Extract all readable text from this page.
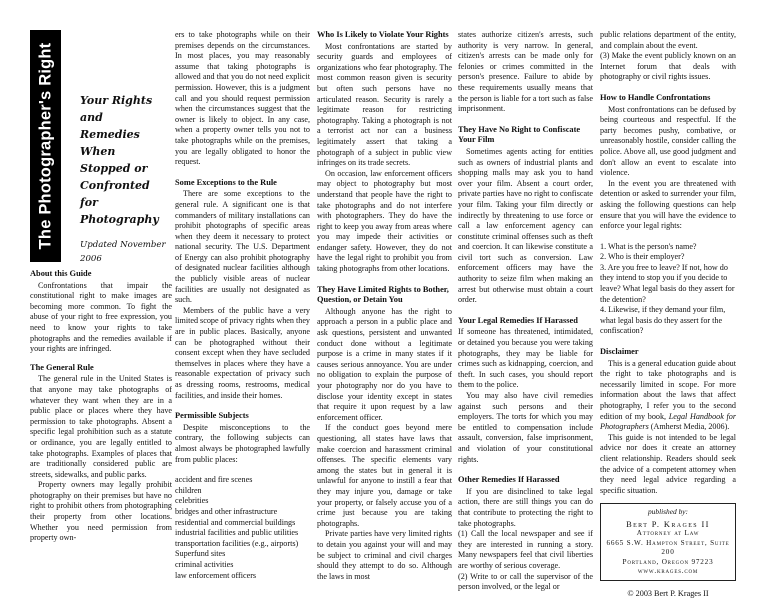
The Photographer's Right Your Rights and
Remedies When
Stopped or
Confronted
for Photography
Updated November
2006
About this Guide

Confrontations that impair the constitutional right to make images are becoming more common. To fight the abuse of your right to free expression, you need to know your rights to take photographs and the remedies available if your rights are infringed.

The General Rule

The general rule in the United States is that anyone may take photographs of whatever they want when they are in a public place or places where they have permission to take photographs. Absent a specific legal prohibition such as a statute or ordinance, you are legally entitled to take photographs. Examples of places that are traditionally considered public are streets, sidewalks, and public parks.

Property owners may legally prohibit photography on their premises but have no right to prohibit others from photographing their property from other locations. Whether you need permission from property own-

ers to take photographs while on their premises depends on the circumstances. In most places, you may reasonably assume that taking photographs is allowed and that you do not need explicit permission. However, this is a judgment call and you should request permission when the circumstances suggest that the owner is likely to object. In any case, when a property owner tells you not to take photographs while on the premises, you are legally obligated to honor the request.

Some Exceptions to the Rule

There are some exceptions to the general rule. A significant one is that commanders of military installations can prohibit photographs of specific areas when they deem it necessary to protect national security. The U.S. Department of Energy can also prohibit photography of designated nuclear facilities although the publicly visible areas of nuclear facilities are usually not designated as such.

Members of the public have a very limited scope of privacy rights when they are in public places. Basically, anyone can be photographed without their consent except when they have secluded themselves in places where they have a reasonable expectation of privacy such as dressing rooms, restrooms, medical facilities, and inside their homes.

Permissible Subjects

Despite misconceptions to the contrary, the following subjects can almost always be photographed lawfully from public places:

accident and fire scenes
children
celebrities
bridges and other infrastructure
residential and commercial buildings
industrial facilities and public utilities
transportation facilities (e.g., airports)
Superfund sites
criminal activities
law enforcement officers
Who Is Likely to Violate Your Rights

Most confrontations are started by security guards and employees of organizations who fear photography. The most common reason given is security but often such persons have no articulated reason. Security is rarely a legitimate reason for restricting photography. Taking a photograph is not a terrorist act nor can a business legitimately assert that taking a photograph of a subject in public view infringes on its trade secrets.

On occasion, law enforcement officers may object to photography but most understand that people have the right to take photographs and do not interfere with photographers. They do have the right to keep you away from areas where you may impede their activities or endanger safety. However, they do not have the legal right to prohibit you from taking photographs from other locations.

They Have Limited Rights to Bother, Question, or Detain You

Although anyone has the right to approach a person in a public place and ask questions, persistent and unwanted conduct done without a legitimate purpose is a crime in many states if it causes serious annoyance. You are under no obligation to explain the purpose of your photography nor do you have to disclose your identity except in states that require it upon request by a law enforcement officer.

If the conduct goes beyond mere questioning, all states have laws that make coercion and harassment criminal offenses. The specific elements vary among the states but in general it is unlawful for anyone to instill a fear that they may injure you, damage or take your property, or falsely accuse you of a crime just because you are taking photographs.

Private parties have very limited rights to detain you against your will and may be subject to criminal and civil charges should they attempt to do so. Although the laws in most

states authorize citizen's arrests, such authority is very narrow. In general, citizen's arrests can be made only for felonies or crimes committed in the person's presence. Failure to abide by these requirements usually means that the person is liable for a tort such as false imprisonment.

They Have No Right to Confiscate Your Film

Sometimes agents acting for entities such as owners of industrial plants and shopping malls may ask you to hand over your film. Absent a court order, private parties have no right to confiscate your film. Taking your film directly or indirectly by threatening to use force or call a law enforcement agency can constitute criminal offenses such as theft and coercion. It can likewise constitute a civil tort such as conversion. Law enforcement officers may have the authority to seize film when making an arrest but otherwise must obtain a court order.

Your Legal Remedies If Harassed

If someone has threatened, intimidated, or detained you because you were taking photographs, they may be liable for crimes such as kidnapping, coercion, and theft. In such cases, you should report them to the police.

You may also have civil remedies against such persons and their employers. The torts for which you may be entitled to compensation include assault, conversion, false imprisonment, and violation of your constitutional rights.

Other Remedies If Harassed

If you are disinclined to take legal action, there are still things you can do that contribute to protecting the right to take photographs.

(1) Call the local newspaper and see if they are interested in running a story. Many newspapers feel that civil liberties are worthy of serious coverage.

(2) Write to or call the supervisor of the person involved, or the legal or

public relations department of the entity, and complain about the event.

(3) Make the event publicly known on an Internet forum that deals with photography or civil rights issues.

How to Handle Confrontations

Most confrontations can be defused by being courteous and respectful. If the party becomes pushy, combative, or unreasonably hostile, consider calling the police. Above all, use good judgment and don't allow an event to escalate into violence.

In the event you are threatened with detention or asked to surrender your film, asking the following questions can help ensure that you will have the evidence to enforce your legal rights:

1. What is the person's name?
2. Who is their employer?
3. Are you free to leave? If not, how do they intend to stop you if you decide to leave? What legal basis do they assert for the detention?
4. Likewise, if they demand your film, what legal basis do they assert for the confiscation?
Disclaimer

This is a general education guide about the right to take photographs and is necessarily limited in scope. For more information about the laws that affect photography, I refer you to the second edition of my book, Legal Handbook for Photographers (Amherst Media, 2006).

This guide is not intended to be legal advice nor does it create an attorney client relationship. Readers should seek the advice of a competent attorney when they need legal advice regarding a specific situation.

published by:
Bert P. Krages II
Attorney at Law
6665 S.W. Hampton Street, Suite 200
Portland, Oregon 97223
www.krages.com
© 2003 Bert P. Krages II
